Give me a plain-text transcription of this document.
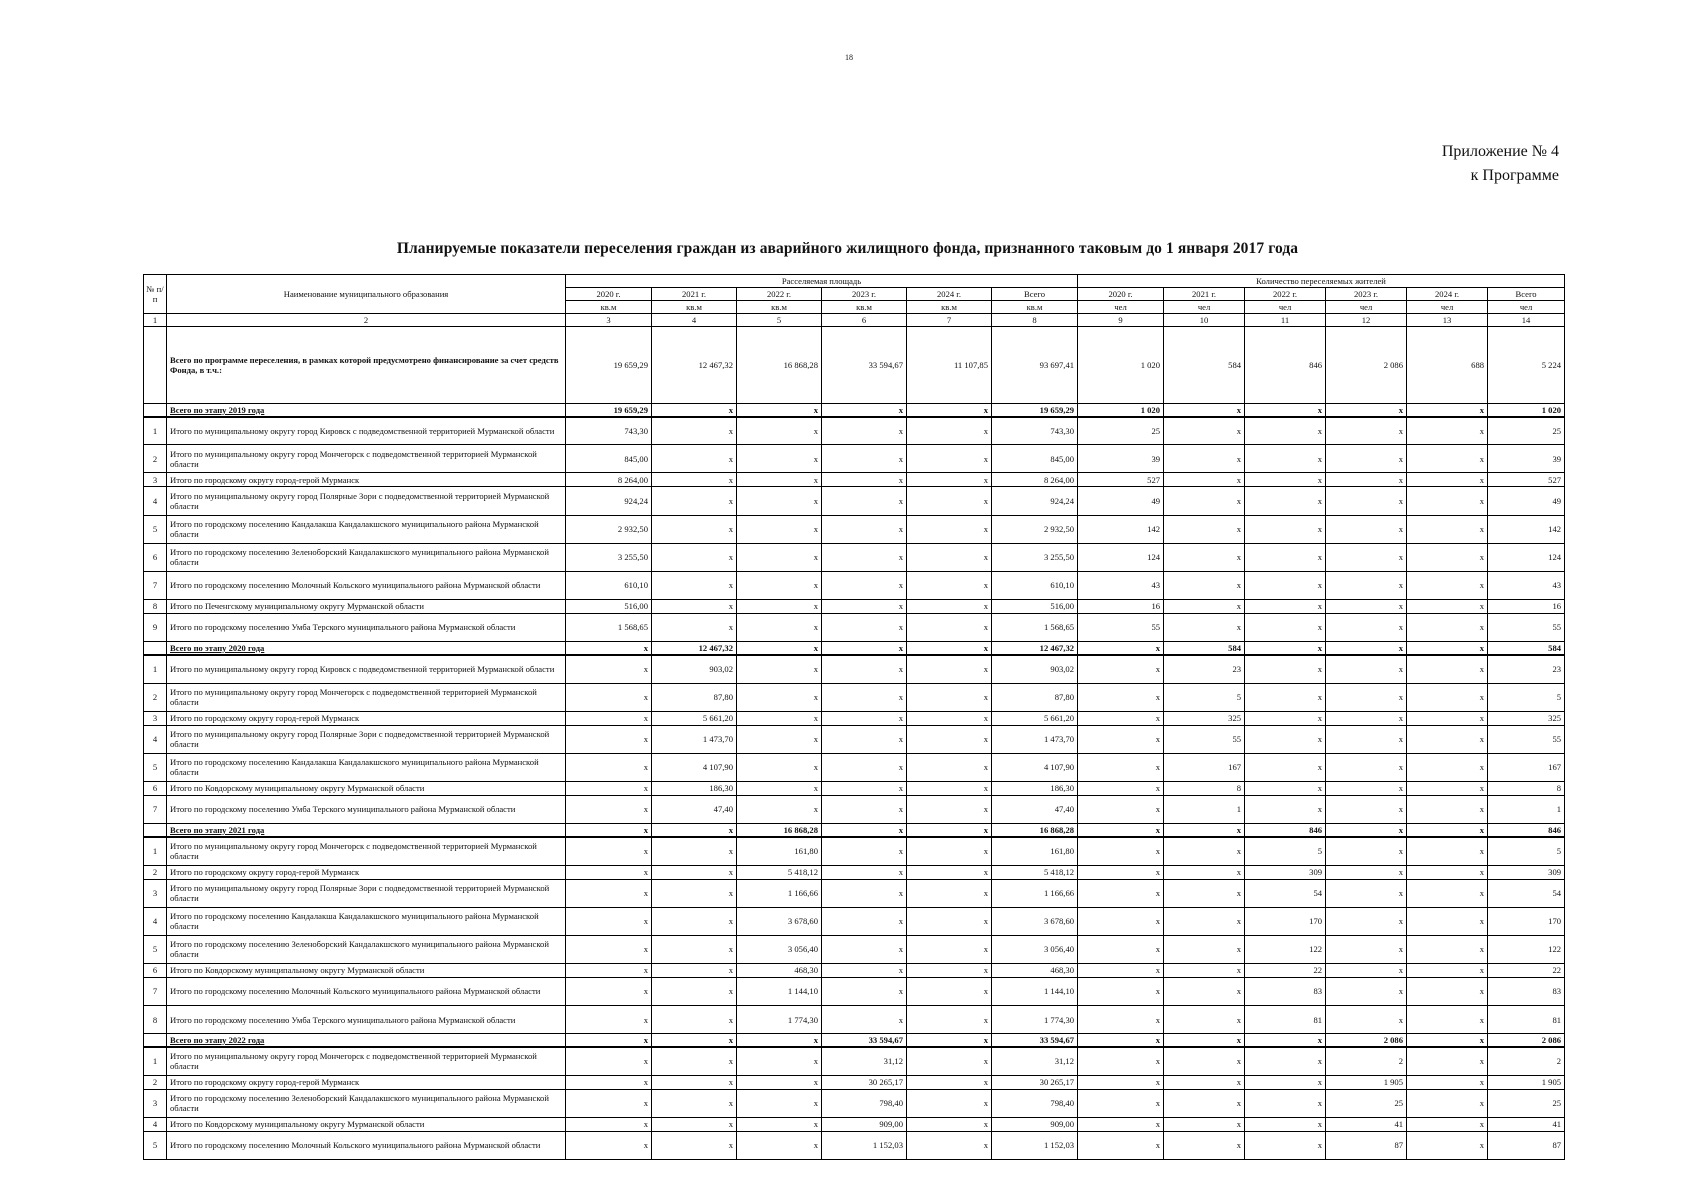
18
Приложение № 4
к Программе
Планируемые показатели переселения граждан из аварийного жилищного фонда, признанного таковым до 1 января 2017 года
№ п/п	Наименование муниципального образования	Расселяемая площадь						Количество переселяемых жителей					
		2020 г.	2021 г.	2022 г.	2023 г.	2024 г.	Всего	2020 г.	2021 г.	2022 г.	2023 г.	2024 г.	Всего
		кв.м	кв.м	кв.м	кв.м	кв.м	кв.м	чел	чел	чел	чел	чел	чел
1	2	3	4	5	6	7	8	9	10	11	12	13	14
	Всего по программе переселения, в рамках которой предусмотрено финансирование за счет средств Фонда, в т.ч.:	19 659,29	12 467,32	16 868,28	33 594,67	11 107,85	93 697,41	1 020	584	846	2 086	688	5 224
	Всего по этапу 2019 года	19 659,29	x	x	x	x	19 659,29	1 020	x	x	x	x	1 020
1	Итого по муниципальному округу город Кировск с подведомственной территорией Мурманской области	743,30	x	x	x	x	743,30	25	x	x	x	x	25
2	Итого по муниципальному округу город Мончегорск с подведомственной территорией Мурманской области	845,00	x	x	x	x	845,00	39	x	x	x	x	39
3	Итого по городскому округу город-герой Мурманск	8 264,00	x	x	x	x	8 264,00	527	x	x	x	x	527
4	Итого по муниципальному округу город Полярные Зори с подведомственной территорией Мурманской области	924,24	x	x	x	x	924,24	49	x	x	x	x	49
5	Итого по городскому поселению Кандалакша Кандалакшского муниципального района Мурманской области	2 932,50	x	x	x	x	2 932,50	142	x	x	x	x	142
6	Итого по городскому поселению Зеленоборский Кандалакшского муниципального района Мурманской области	3 255,50	x	x	x	x	3 255,50	124	x	x	x	x	124
7	Итого по городскому поселению Молочный Кольского муниципального района Мурманской области	610,10	x	x	x	x	610,10	43	x	x	x	x	43
8	Итого по Печенгскому муниципальному округу Мурманской области	516,00	x	x	x	x	516,00	16	x	x	x	x	16
9	Итого по городскому поселению Умба Терского муниципального района Мурманской области	1 568,65	x	x	x	x	1 568,65	55	x	x	x	x	55
	Всего по этапу 2020 года	x	12 467,32	x	x	x	12 467,32	x	584	x	x	x	584
1	Итого по муниципальному округу город Кировск с подведомственной территорией Мурманской области	x	903,02	x	x	x	903,02	x	23	x	x	x	23
2	Итого по муниципальному округу город Мончегорск с подведомственной территорией Мурманской области	x	87,80	x	x	x	87,80	x	5	x	x	x	5
3	Итого по городскому округу город-герой Мурманск	x	5 661,20	x	x	x	5 661,20	x	325	x	x	x	325
4	Итого по муниципальному округу город Полярные Зори с подведомственной территорией Мурманской области	x	1 473,70	x	x	x	1 473,70	x	55	x	x	x	55
5	Итого по городскому поселению Кандалакша Кандалакшского муниципального района Мурманской области	x	4 107,90	x	x	x	4 107,90	x	167	x	x	x	167
6	Итого по Ковдорскому муниципальному округу Мурманской области	x	186,30	x	x	x	186,30	x	8	x	x	x	8
7	Итого по городскому поселению Умба Терского муниципального района Мурманской области	x	47,40	x	x	x	47,40	x	1	x	x	x	1
	Всего по этапу 2021 года	x	x	16 868,28	x	x	16 868,28	x	x	846	x	x	846
1	Итого по муниципальному округу город Мончегорск с подведомственной территорией Мурманской области	x	x	161,80	x	x	161,80	x	x	5	x	x	5
2	Итого по городскому округу город-герой Мурманск	x	x	5 418,12	x	x	5 418,12	x	x	309	x	x	309
3	Итого по муниципальному округу город Полярные Зори с подведомственной территорией Мурманской области	x	x	1 166,66	x	x	1 166,66	x	x	54	x	x	54
4	Итого по городскому поселению Кандалакша Кандалакшского муниципального района Мурманской области	x	x	3 678,60	x	x	3 678,60	x	x	170	x	x	170
5	Итого по городскому поселению Зеленоборский Кандалакшского муниципального района Мурманской области	x	x	3 056,40	x	x	3 056,40	x	x	122	x	x	122
6	Итого по Ковдорскому муниципальному округу Мурманской области	x	x	468,30	x	x	468,30	x	x	22	x	x	22
7	Итого по городскому поселению Молочный Кольского муниципального района Мурманской области	x	x	1 144,10	x	x	1 144,10	x	x	83	x	x	83
8	Итого по городскому поселению Умба Терского муниципального района Мурманской области	x	x	1 774,30	x	x	1 774,30	x	x	81	x	x	81
	Всего по этапу 2022 года	x	x	x	33 594,67	x	33 594,67	x	x	x	2 086	x	2 086
1	Итого по муниципальному округу город Мончегорск с подведомственной территорией Мурманской области	x	x	x	31,12	x	31,12	x	x	x	2	x	2
2	Итого по городскому округу город-герой Мурманск	x	x	x	30 265,17	x	30 265,17	x	x	x	1 905	x	1 905
3	Итого по городскому поселению Зеленоборский Кандалакшского муниципального района Мурманской области	x	x	x	798,40	x	798,40	x	x	x	25	x	25
4	Итого по Ковдорскому муниципальному округу Мурманской области	x	x	x	909,00	x	909,00	x	x	x	41	x	41
5	Итого по городскому поселению Молочный Кольского муниципального района Мурманской области	x	x	x	1 152,03	x	1 152,03	x	x	x	87	x	87
